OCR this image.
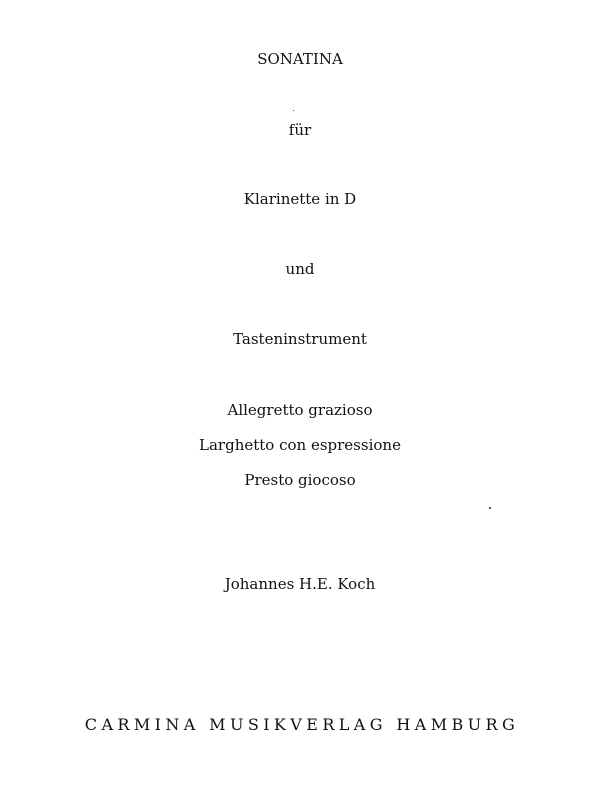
SONATINA
für
Klarinette in D
und
Tasteninstrument
Allegretto grazioso
Larghetto con espressione
Presto giocoso
Johannes H.E. Koch
CARMINA MUSIKVERLAG HAMBURG
